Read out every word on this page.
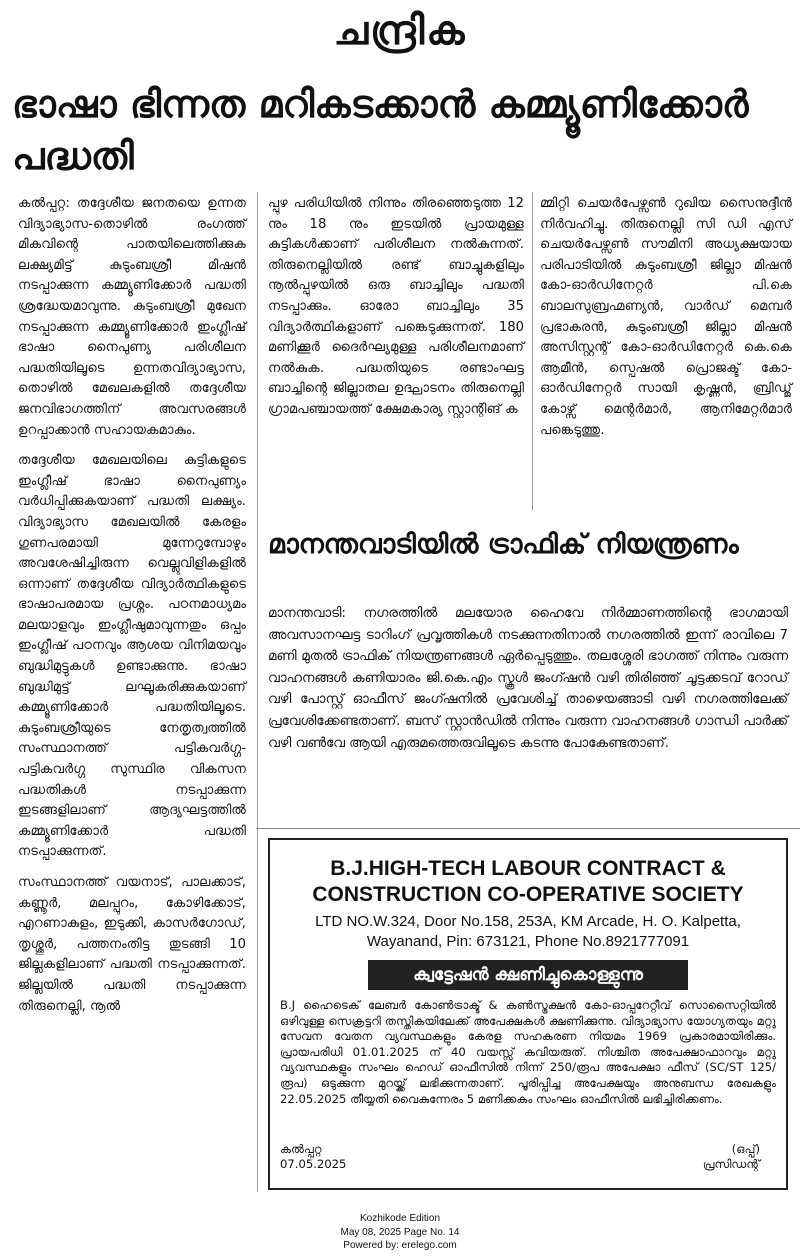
ചന്ദ്രിക
ഭാഷാ ഭിന്നത മറികടക്കാൻ കമ്മ്യൂണിക്കോർ പദ്ധതി

കൽപ്പറ്റ: തദ്ദേശീയ ജനതയെ ഉന്നത വിദ്യാഭ്യാസ-തൊഴിൽ രംഗത്ത് മികവിന്റെ പാതയിലെത്തിക്കുക ലക്ഷ്യമിട്ട് കുടുംബശ്രീ മിഷൻ നടപ്പാക്കുന്ന കമ്മ്യൂണിക്കോർ പദ്ധതി ശ്രദ്ധേയമാവുന്നു. കുടുംബശ്രീ മുഖേന നടപ്പാക്കുന്ന കമ്മ്യൂണിക്കോർ ഇംഗ്ലീഷ് ഭാഷാ നൈപുണ്യ പരിശീലന പദ്ധതിയിലൂടെ ഉന്നതവിദ്യാഭ്യാസ, തൊഴിൽ മേഖലകളിൽ തദ്ദേശീയ ജനവിഭാഗത്തിന് അവസരങ്ങൾ ഉറപ്പാക്കാൻ സഹായകമാകും.

തദ്ദേശീയ മേഖലയിലെ കുട്ടികളുടെ ഇംഗ്ലീഷ് ഭാഷാ നൈപുണ്യം വർധിപ്പിക്കുകയാണ് പദ്ധതി ലക്ഷ്യം. വിദ്യാഭ്യാസ മേഖലയിൽ കേരളം ഗുണപരമായി മുന്നേറുമ്പോഴും അവശേഷിച്ചിരുന്ന വെല്ലുവിളികളിൽ ഒന്നാണ് തദ്ദേശീയ വിദ്യാർത്ഥികളുടെ ഭാഷാപരമായ പ്രശ്നം. പഠനമാധ്യമം മലയാളവും ഇംഗ്ലീഷുമാവുന്നതും ഒപ്പം ഇംഗ്ലീഷ് പഠനവും ആശയ വിനിമയവും ബുദ്ധിമുട്ടുകൾ ഉണ്ടാക്കുന്നു. ഭാഷാ ബുദ്ധിമുട്ട് ലഘൂകരിക്കുകയാണ് കമ്മ്യൂണിക്കോർ പദ്ധതിയിലൂടെ. കുടുംബശ്രീയുടെ നേതൃത്വത്തിൽ സംസ്ഥാനത്ത് പട്ടികവർഗ്ഗ- പട്ടികവർഗ്ഗ സുസ്ഥിര വികസന പദ്ധതികൾ നടപ്പാക്കുന്ന ഇടങ്ങളിലാണ് ആദ്യഘട്ടത്തിൽ കമ്മ്യൂണിക്കോർ പദ്ധതി നടപ്പാക്കുന്നത്.

സംസ്ഥാനത്ത് വയനാട്, പാലക്കാട്, കണ്ണൂർ, മലപ്പുറം, കോഴിക്കോട്, എറണാകുളം, ഇടുക്കി, കാസർഗോഡ്, തൃശ്ശൂർ, പത്തനംതിട്ട തുടങ്ങി 10 ജില്ലകളിലാണ് പദ്ധതി നടപ്പാക്കുന്നത്. ജില്ലയിൽ പദ്ധതി നടപ്പാക്കുന്ന തിരുനെല്ലി, നൂൽ

പ്പുഴ പരിധിയിൽ നിന്നും തിരഞ്ഞെടുത്ത 12 നും 18 നും ഇടയിൽ പ്രായമുള്ള കുട്ടികൾക്കാണ് പരിശീലന നൽകുന്നത്. തിരുനെല്ലിയിൽ രണ്ട് ബാച്ചുകളിലും നൂൽപ്പുഴയിൽ ഒരു ബാച്ചിലും പദ്ധതി നടപ്പാക്കും. ഓരോ ബാച്ചിലും 35 വിദ്യാർത്ഥികളാണ് പങ്കെടുക്കുന്നത്. 180 മണിക്കൂർ ദൈർഘ്യമുള്ള പരിശീലനമാണ് നൽകുക. പദ്ധതിയുടെ രണ്ടാംഘട്ട ബാച്ചിന്റെ ജില്ലാതല ഉദ്ഘാടനം തിരുനെല്ലി ഗ്രാമപഞ്ചായത്ത് ക്ഷേമകാര്യ സ്റ്റാന്റിങ് ക

മ്മിറ്റി ചെയർപേഴ്സൺ റുഖിയ സൈനുദ്ദീൻ നിർവഹിച്ചു. തിരുനെല്ലി സി ഡി എസ് ചെയർപേഴ്സൺ സൗമിനി അധ്യക്ഷയായ പരിപാടിയിൽ കുടുംബശ്രീ ജില്ലാ മിഷൻ കോ-ഓർഡിനേറ്റർ പി.കെ ബാലസുബ്രഹ്മണ്യൻ, വാർഡ് മെമ്പർ പ്രഭാകരൻ, കുടുംബശ്രീ ജില്ലാ മിഷൻ അസിസ്റ്റന്റ് കോ-ഓർഡിനേറ്റർ കെ.കെ ആമീൻ, സ്പെഷൽ പ്രൊജക്ട് കോ-ഓർഡിനേറ്റർ സായി കൃഷ്ണൻ, ബ്രിഡ്ജ് കോഴ്സ് മെന്റർമാർ, ആനിമേറ്റർമാർ പങ്കെടുത്തു.

മാനന്തവാടിയിൽ ട്രാഫിക് നിയന്ത്രണം

മാനന്തവാടി: നഗരത്തിൽ മലയോര ഹൈവേ നിർമ്മാണത്തിന്റെ ഭാഗമായി അവസാനഘട്ട ടാറിംഗ് പ്രവൃത്തികൾ നടക്കുന്നതിനാൽ നഗരത്തിൽ ഇന്ന് രാവിലെ 7 മണി മുതൽ ട്രാഫിക് നിയന്ത്രണങ്ങൾ ഏർപ്പെടുത്തും. തലശ്ശേരി ഭാഗത്ത് നിന്നും വരുന്ന വാഹനങ്ങൾ കണിയാരം ജി.കെ.എം സ്കൂൾ ജംഗ്ഷൻ വഴി തിരിഞ്ഞ് ചൂട്ടക്കടവ് റോഡ് വഴി പോസ്റ്റ് ഓഫീസ് ജംഗ്ഷനിൽ പ്രവേശിച്ച് താഴെയങ്ങാടി വഴി നഗരത്തിലേക്ക് പ്രവേശിക്കേണ്ടതാണ്. ബസ് സ്റ്റാൻഡിൽ നിന്നും വരുന്ന വാഹനങ്ങൾ ഗാന്ധി പാർക്ക് വഴി വൺവേ ആയി എരുമത്തെരുവിലൂടെ കടന്നു പോകേണ്ടതാണ്.

B.J.HIGH-TECH LABOUR CONTRACT &
CONSTRUCTION CO-OPERATIVE SOCIETY
LTD NO.W.324, Door No.158, 253A, KM Arcade, H. O. Kalpetta,
Wayanand, Pin: 673121, Phone No.8921777091
ക്വട്ടേഷൻ ക്ഷണിച്ചുകൊള്ളുന്നു

B.J ഹൈടെക് ലേബർ കോൺട്രാക്ട് & കൺസ്ട്രക്ഷൻ കോ-ഓപ്പറേറ്റീവ് സൊസൈറ്റിയിൽ ഒഴിവുള്ള സെക്രട്ടറി തസ്തികയിലേക്ക് അപേക്ഷകൾ ക്ഷണിക്കുന്നു. വിദ്യാഭ്യാസ യോഗ്യതയും മറ്റു സേവന വേതന വ്യവസ്ഥകളും കേരള സഹകരണ നിയമം 1969 പ്രകാരമായിരിക്കും. പ്രായപരിധി 01.01.2025 ന് 40 വയസ്സ് കവിയരുത്. നിശ്ചിത അപേക്ഷാഫാറവും മറ്റു വ്യവസ്ഥകളും സംഘം ഹെഡ് ഓഫീസിൽ നിന്ന് 250/രൂപ അപേക്ഷാ ഫീസ് (SC/ST 125/രൂപ) ഒടുക്കുന്ന മുറയ്ക്ക് ലഭിക്കുന്നതാണ്. പൂരിപ്പിച്ച അപേക്ഷയും അനുബന്ധ രേഖകളും 22.05.2025 തീയ്യതി വൈകുന്നേരം 5 മണിക്കകം സംഘം ഓഫീസിൽ ലഭിച്ചിരിക്കണം.

കൽപ്പറ്റ
07.05.2025
(ഒപ്പ്)
പ്രസിഡന്റ്
Kozhikode Edition
May 08, 2025 Page No. 14
Powered by: erelego.com
